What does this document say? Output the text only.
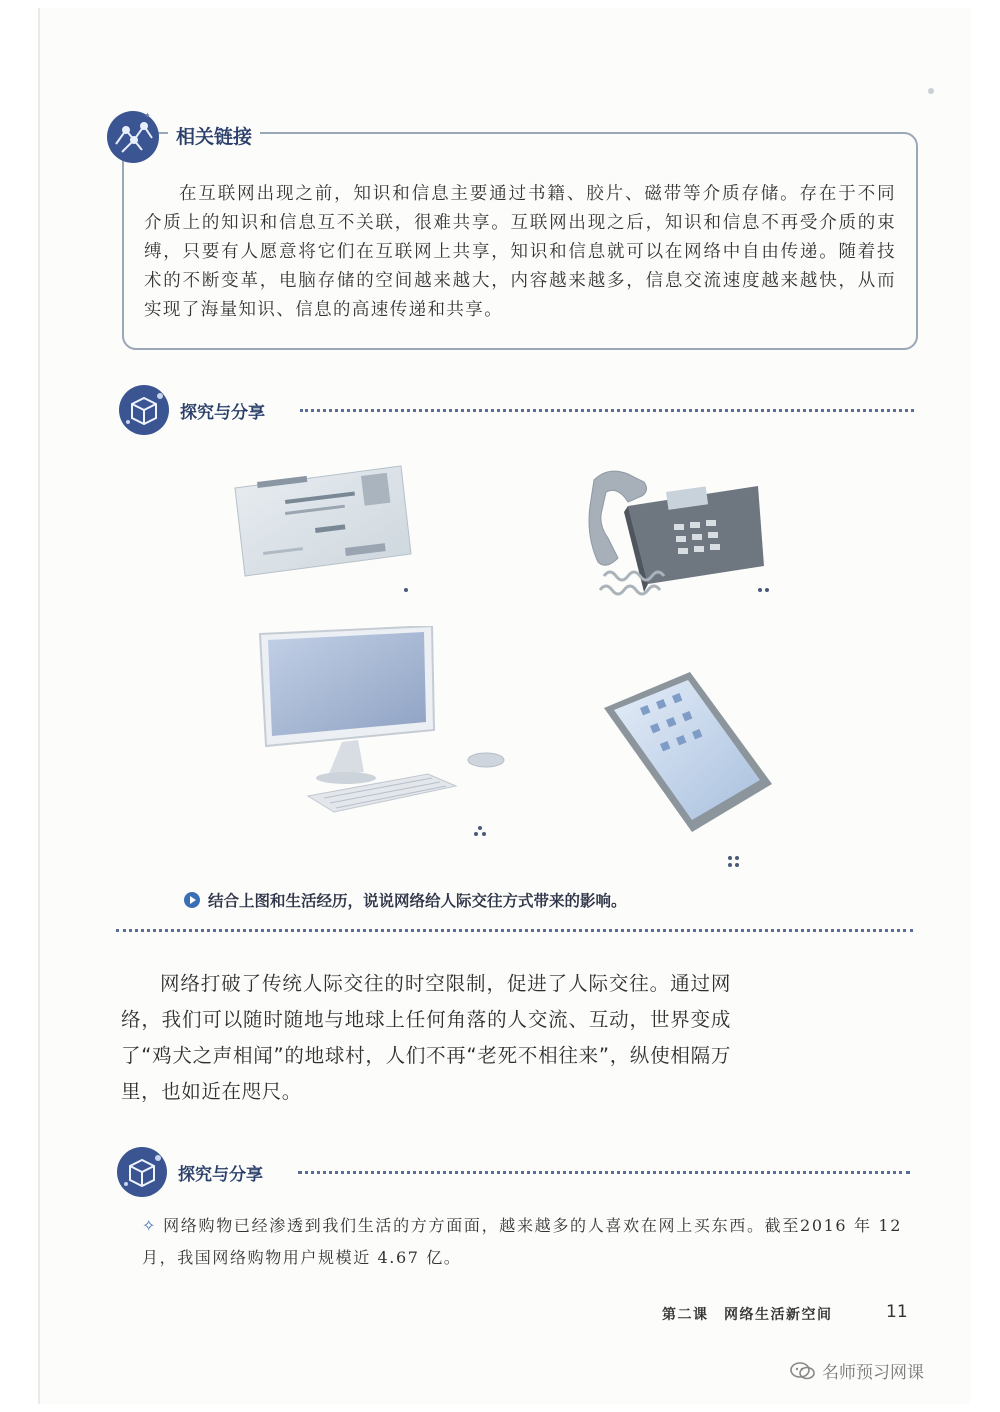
✦
相关链接
在互联网出现之前，知识和信息主要通过书籍、胶片、磁带等介质存储。存在于不同介质上的知识和信息互不关联，很难共享。互联网出现之后，知识和信息不再受介质的束缚，只要有人愿意将它们在互联网上共享，知识和信息就可以在网络中自由传递。随着技术的不断变革，电脑存储的空间越来越大，内容越来越多，信息交流速度越来越快，从而实现了海量知识、信息的高速传递和共享。
探究与分享
结合上图和生活经历，说说网络给人际交往方式带来的影响。
网络打破了传统人际交往的时空限制，促进了人际交往。通过网络，我们可以随时随地与地球上任何角落的人交流、互动，世界变成了“鸡犬之声相闻”的地球村，人们不再“老死不相往来”，纵使相隔万里，也如近在咫尺。
探究与分享
✧ 网络购物已经渗透到我们生活的方方面面，越来越多的人喜欢在网上买东西。截至2016 年 12 月，我国网络购物用户规模近 4.67 亿。
第二课　网络生活新空间	11
名师预习网课
